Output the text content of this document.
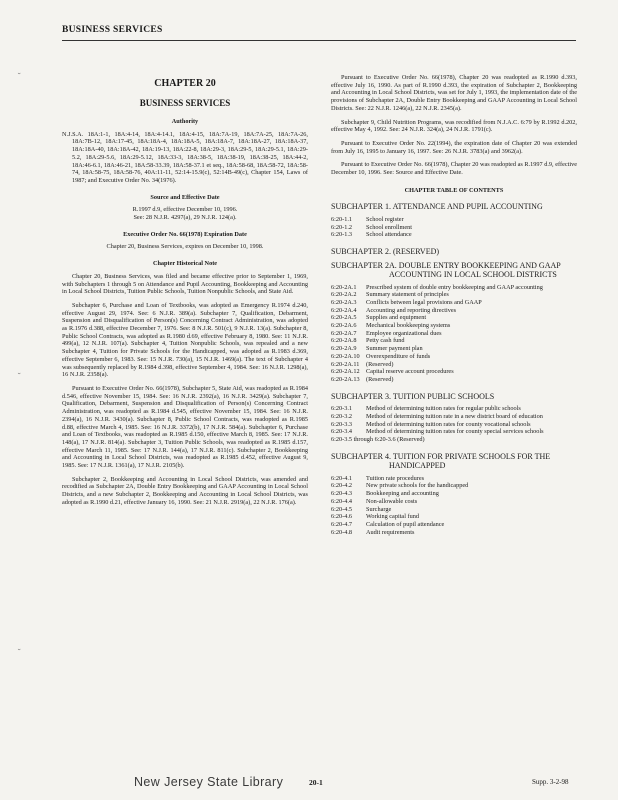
BUSINESS SERVICES
˘
˘
˘
CHAPTER 20
BUSINESS SERVICES
Authority

N.J.S.A. 18A:1-1, 18A:4-14, 18A:4-14.1, 18A:4-15, 18A:7A-19, 18A:7A-25, 18A:7A-26, 18A:7B-12, 18A:17-45, 18A:18A-4, 18A:18A-5, 18A:18A-7, 18A:18A-27, 18A:18A-37, 18A:18A-40, 18A:18A-42, 18A:19-13, 18A:22-8, 18A:29-3, 18A:29-5, 18A:29-5.1, 18A:29-5.2, 18A:29-5.6, 18A:29-5.12, 18A:33-3, 18A:38-5, 18A:38-19, 18A:38-25, 18A:44-2, 18A:46-6.1, 18A:46-21, 18A:58-33.39, 18A:58-37.1 et seq., 18A:58-68, 18A:58-72, 18A:58-74, 18A:58-75, 18A:58-76, 40A:11-11, 52:14-15.9(c), 52:14B-49(c), Chapter 154, Laws of 1987; and Executive Order No. 34(1976).

Source and Effective Date

R.1997 d.9, effective December 10, 1996.

See: 28 N.J.R. 4297(a), 29 N.J.R. 124(a).

Executive Order No. 66(1978) Expiration Date

Chapter 20, Business Services, expires on December 10, 1998.

Chapter Historical Note

Chapter 20, Business Services, was filed and became effective prior to September 1, 1969, with Subchapters 1 through 5 on Attendance and Pupil Accounting, Bookkeeping and Accounting in Local School Districts, Tuition Public Schools, Tuition Nonpublic Schools, and State Aid.

Subchapter 6, Purchase and Loan of Textbooks, was adopted as Emergency R.1974 d.240, effective August 29, 1974. See: 6 N.J.R. 389(a). Subchapter 7, Qualification, Debarment, Suspension and Disqualification of Person(s) Concerning Contract Administration, was adopted as R.1976 d.388, effective December 7, 1976. See: 8 N.J.R. 501(c), 9 N.J.R. 13(a). Subchapter 8, Public School Contracts, was adopted as R.1980 d.69, effective February 8, 1980. See: 11 N.J.R. 499(a), 12 N.J.R. 107(a). Subchapter 4, Tuition Nonpublic Schools, was repealed and a new Subchapter 4, Tuition for Private Schools for the Handicapped, was adopted as R.1983 d.369, effective September 6, 1983. See: 15 N.J.R. 730(a), 15 N.J.R. 1469(a). The text of Subchapter 4 was subsequently replaced by R.1984 d.398, effective September 4, 1984. See: 16 N.J.R. 1298(a), 16 N.J.R. 2358(a).

Pursuant to Executive Order No. 66(1978), Subchapter 5, State Aid, was readopted as R.1984 d.546, effective November 15, 1984. See: 16 N.J.R. 2392(a), 16 N.J.R. 3429(a). Subchapter 7, Qualification, Debarment, Suspension and Disqualification of Person(s) Concerning Contract Administration, was readopted as R.1984 d.545, effective November 15, 1984. See: 16 N.J.R. 2394(a), 16 N.J.R. 3430(a). Subchapter 8, Public School Contracts, was readopted as R.1985 d.88, effective March 4, 1985. See: 16 N.J.R. 3372(b), 17 N.J.R. 584(a). Subchapter 6, Purchase and Loan of Textbooks, was readopted as R.1985 d.150, effective March 8, 1985. See: 17 N.J.R. 148(a), 17 N.J.R. 814(a). Subchapter 3, Tuition Public Schools, was readopted as R.1985 d.157, effective March 11, 1985. See: 17 N.J.R. 144(a), 17 N.J.R. 811(c). Subchapter 2, Bookkeeping and Accounting in Local School Districts, was readopted as R.1985 d.452, effective August 9, 1985. See: 17 N.J.R. 1361(a), 17 N.J.R. 2105(b).

Subchapter 2, Bookkeeping and Accounting in Local School Districts, was amended and recodified as Subchapter 2A, Double Entry Bookkeeping and GAAP Accounting in Local School Districts, and a new Subchapter 2, Bookkeeping and Accounting in Local School Districts, was adopted as R.1990 d.21, effective January 16, 1990. See: 21 N.J.R. 2919(a), 22 N.J.R. 176(a).

Pursuant to Executive Order No. 66(1978), Chapter 20 was readopted as R.1990 d.393, effective July 16, 1990. As part of R.1990 d.393, the expiration of Subchapter 2, Bookkeeping and Accounting in Local School Districts, was set for July 1, 1993, the implementation date of the provisions of Subchapter 2A, Double Entry Bookkeeping and GAAP Accounting in Local School Districts. See: 22 N.J.R. 1246(a), 22 N.J.R. 2345(a).

Subchapter 9, Child Nutrition Programs, was recodified from N.J.A.C. 6:79 by R.1992 d.202, effective May 4, 1992. See: 24 N.J.R. 324(a), 24 N.J.R. 1791(c).

Pursuant to Executive Order No. 22(1994), the expiration date of Chapter 20 was extended from July 16, 1995 to January 16, 1997. See: 26 N.J.R. 3783(a) and 3962(a).

Pursuant to Executive Order No. 66(1978), Chapter 20 was readopted as R.1997 d.9, effective December 10, 1996. See: Source and Effective Date.

CHAPTER TABLE OF CONTENTS
SUBCHAPTER 1. ATTENDANCE AND PUPIL ACCOUNTING
6:20-1.1	School register
6:20-1.2	School enrollment
6:20-1.3	School attendance
SUBCHAPTER 2. (RESERVED)
SUBCHAPTER 2A. DOUBLE ENTRY BOOKKEEPING AND GAAP ACCOUNTING IN LOCAL SCHOOL DISTRICTS
6:20-2A.1	Prescribed system of double entry bookkeeping and GAAP accounting
6:20-2A.2	Summary statement of principles
6:20-2A.3	Conflicts between legal provisions and GAAP
6:20-2A.4	Accounting and reporting directives
6:20-2A.5	Supplies and equipment
6:20-2A.6	Mechanical bookkeeping systems
6:20-2A.7	Employee organizational dues
6:20-2A.8	Petty cash fund
6:20-2A.9	Summer payment plan
6:20-2A.10	Overexpenditure of funds
6:20-2A.11	(Reserved)
6:20-2A.12	Capital reserve account procedures
6:20-2A.13	(Reserved)
SUBCHAPTER 3. TUITION PUBLIC SCHOOLS
6:20-3.1	Method of determining tuition rates for regular public schools
6:20-3.2	Method of determining tuition rate in a new district board of education
6:20-3.3	Method of determining tuition rates for county vocational schools
6:20-3.4	Method of determining tuition rates for county special services schools

6:20-3.5 through 6:20-3.6 (Reserved)

SUBCHAPTER 4. TUITION FOR PRIVATE SCHOOLS FOR THE HANDICAPPED
6:20-4.1	Tuition rate procedures
6:20-4.2	New private schools for the handicapped
6:20-4.3	Bookkeeping and accounting
6:20-4.4	Non-allowable costs
6:20-4.5	Surcharge
6:20-4.6	Working capital fund
6:20-4.7	Calculation of pupil attendance
6:20-4.8	Audit requirements
New Jersey State Library	20-1	Supp. 3-2-98
